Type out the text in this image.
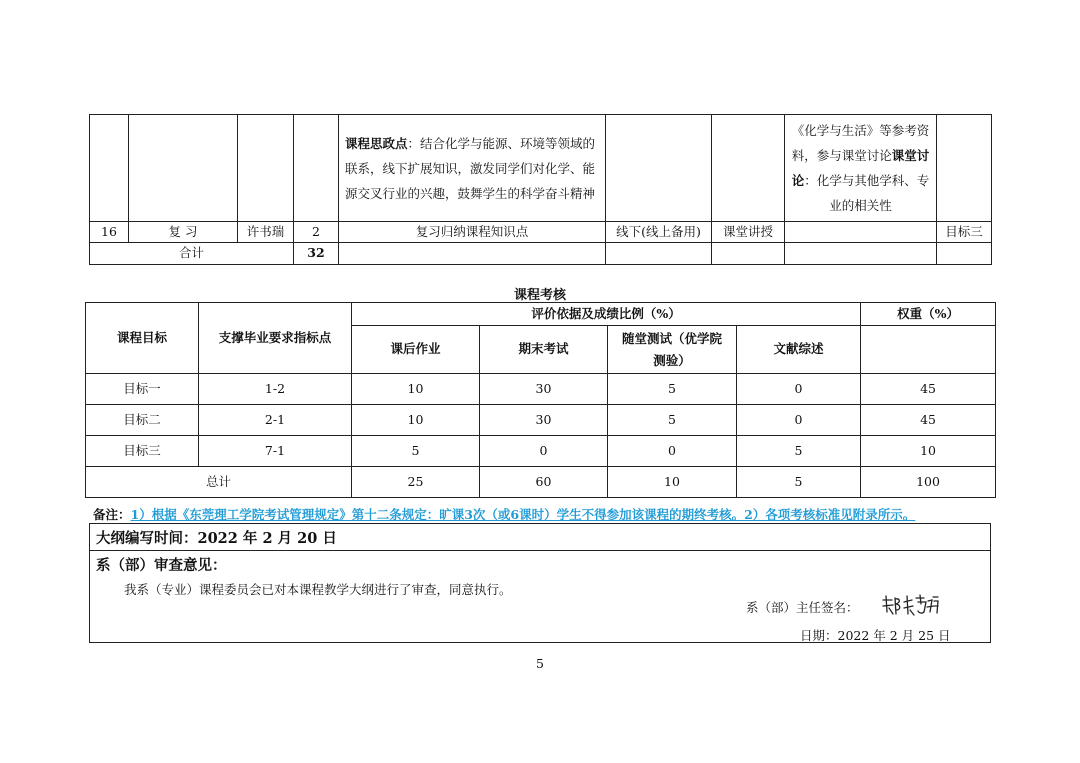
				课程思政点：结合化学与能源、环境等领域的联系，线下扩展知识，激发同学们对化学、能源交叉行业的兴趣，鼓舞学生的科学奋斗精神			《化学与生活》等参考资料，参与课堂讨论课堂讨论：化学与其他学科、专业的相关性	
16	复 习	许书瑞	2	复习归纳课程知识点	线下(线上备用)	课堂讲授		目标三
合计			32					
课程考核
课程目标	支撑毕业要求指标点	评价依据及成绩比例（%）				权重（%）
		课后作业	期末考试	随堂测试（优学院测验）	文献综述	
目标一	1-2	10	30	5	0	45
目标二	2-1	10	30	5	0	45
目标三	7-1	5	0	0	5	10
总计		25	60	10	5	100
备注：1）根据《东莞理工学院考试管理规定》第十二条规定：旷课3次（或6课时）学生不得参加该课程的期终考核。2）各项考核标准见附录所示。
大纲编写时间：2022 年 2 月 20 日
系（部）审查意见：
我系（专业）课程委员会已对本课程教学大纲进行了审查，同意执行。
系（部）主任签名：
日期：2022 年 2 月 25 日
5
